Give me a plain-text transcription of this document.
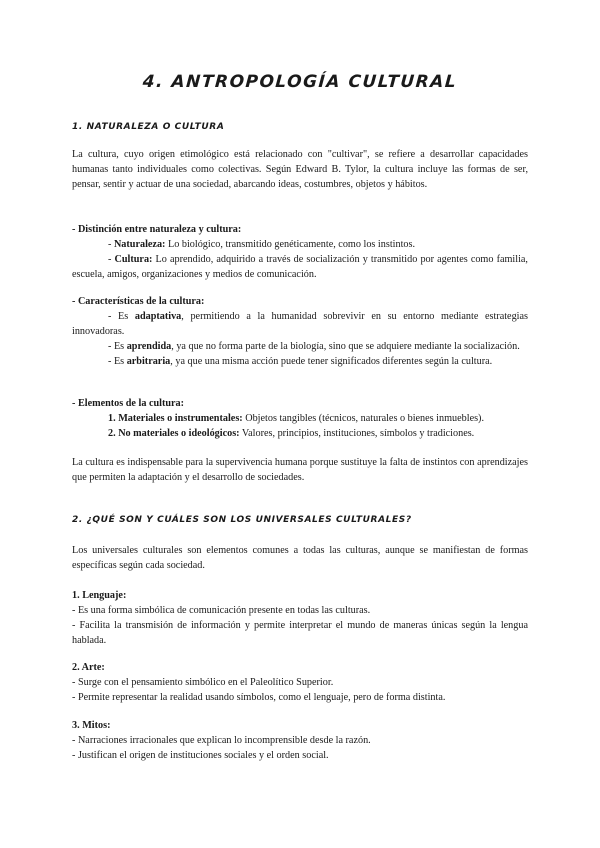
4. ANTROPOLOGÍA CULTURAL
1. NATURALEZA O CULTURA
La cultura, cuyo origen etimológico está relacionado con "cultivar", se refiere a desarrollar capacidades humanas tanto individuales como colectivas. Según Edward B. Tylor, la cultura incluye las formas de ser, pensar, sentir y actuar de una sociedad, abarcando ideas, costumbres, objetos y hábitos.
- Distinción entre naturaleza y cultura:
- Naturaleza: Lo biológico, transmitido genéticamente, como los instintos.
- Cultura: Lo aprendido, adquirido a través de socialización y transmitido por agentes como familia, escuela, amigos, organizaciones y medios de comunicación.
- Características de la cultura:
- Es adaptativa, permitiendo a la humanidad sobrevivir en su entorno mediante estrategias innovadoras.
- Es aprendida, ya que no forma parte de la biología, sino que se adquiere mediante la socialización.
- Es arbitraria, ya que una misma acción puede tener significados diferentes según la cultura.
- Elementos de la cultura:
1. Materiales o instrumentales: Objetos tangibles (técnicos, naturales o bienes inmuebles).
2. No materiales o ideológicos: Valores, principios, instituciones, símbolos y tradiciones.
La cultura es indispensable para la supervivencia humana porque sustituye la falta de instintos con aprendizajes que permiten la adaptación y el desarrollo de sociedades.
2. ¿QUÉ SON Y CUÁLES SON LOS UNIVERSALES CULTURALES?
Los universales culturales son elementos comunes a todas las culturas, aunque se manifiestan de formas específicas según cada sociedad.
1. Lenguaje:
- Es una forma simbólica de comunicación presente en todas las culturas.
- Facilita la transmisión de información y permite interpretar el mundo de maneras únicas según la lengua hablada.
2. Arte:
- Surge con el pensamiento simbólico en el Paleolítico Superior.
- Permite representar la realidad usando símbolos, como el lenguaje, pero de forma distinta.
3. Mitos:
- Narraciones irracionales que explican lo incomprensible desde la razón.
- Justifican el origen de instituciones sociales y el orden social.
